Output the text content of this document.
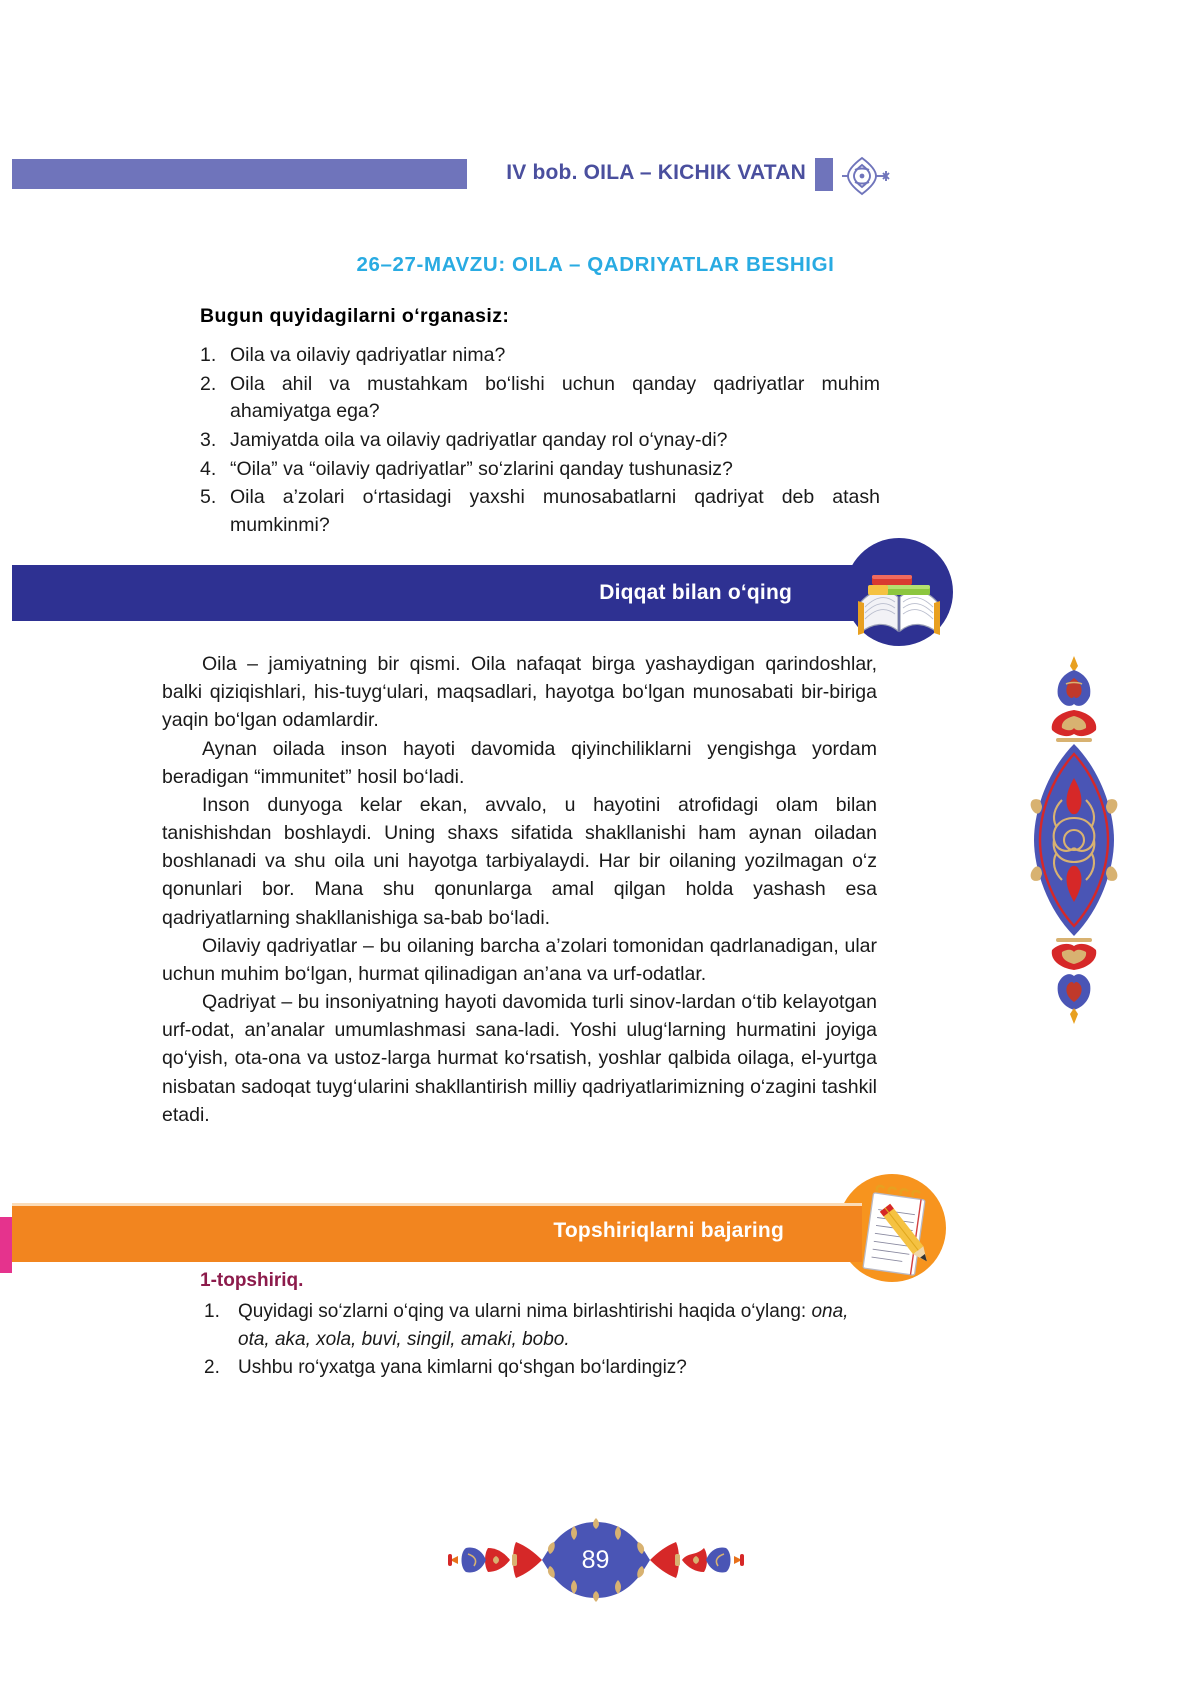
IV bob. OILA – KICHIK VATAN
26–27-MAVZU: OILA – QADRIYATLAR BESHIGI
Bugun quyidagilarni o‘rganasiz:
1. Oila va oilaviy qadriyatlar nima?
2. Oila ahil va mustahkam bo‘lishi uchun qanday qadriyatlar muhim ahamiyatga ega?
3. Jamiyatda oila va oilaviy qadriyatlar qanday rol o‘ynay-di?
4. “Oila” va “oilaviy qadriyatlar” so‘zlarini qanday tushunasiz?
5. Oila a’zolari o‘rtasidagi yaxshi munosabatlarni qadriyat deb atash mumkinmi?
Diqqat bilan o‘qing

Oila – jamiyatning bir qismi. Oila nafaqat birga yashaydigan qarindoshlar, balki qiziqishlari, his-tuyg‘ulari, maqsadlari, hayotga bo‘lgan munosabati bir-biriga yaqin bo‘lgan odamlardir.

Aynan oilada inson hayoti davomida qiyinchiliklarni yengishga yordam beradigan “immunitet” hosil bo‘ladi.

Inson dunyoga kelar ekan, avvalo, u hayotini atrofidagi olam bilan tanishishdan boshlaydi. Uning shaxs sifatida shakllanishi ham aynan oiladan boshlanadi va shu oila uni hayotga tarbiyalaydi. Har bir oilaning yozilmagan o‘z qonunlari bor. Mana shu qonunlarga amal qilgan holda yashash esa qadriyatlarning shakllanishiga sa-bab bo‘ladi.

Oilaviy qadriyatlar – bu oilaning barcha a’zolari tomonidan qadrlanadigan, ular uchun muhim bo‘lgan, hurmat qilinadigan an’ana va urf-odatlar.

Qadriyat – bu insoniyatning hayoti davomida turli sinov-lardan o‘tib kelayotgan urf-odat, an’analar umumlashmasi sana-ladi. Yoshi ulug‘larning hurmatini joyiga qo‘yish, ota-ona va ustoz-larga hurmat ko‘rsatish, yoshlar qalbida oilaga, el-yurtga nisbatan sadoqat tuyg‘ularini shakllantirish milliy qadriyatlarimizning o‘zagini tashkil etadi.

Topshiriqlarni bajaring
1-topshiriq.
1. Quyidagi so‘zlarni o‘qing va ularni nima birlashtirishi haqida o‘ylang: ona, ota, aka, xola, buvi, singil, amaki, bobo.
2. Ushbu ro‘yxatga yana kimlarni qo‘shgan bo‘lardingiz?
89
